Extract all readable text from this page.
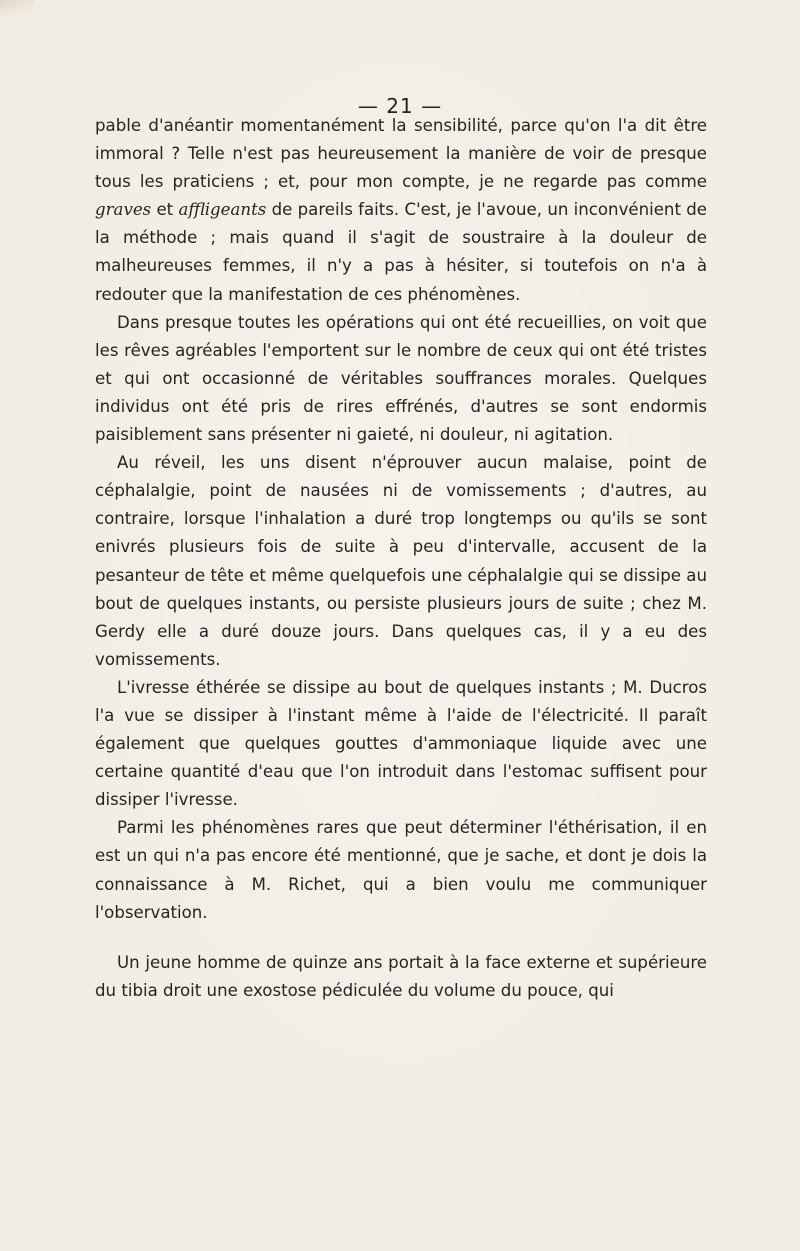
— 21 —

pable d'anéantir momentanément la sensibilité, parce qu'on l'a dit être immoral ? Telle n'est pas heureusement la manière de voir de presque tous les praticiens ; et, pour mon compte, je ne regarde pas comme graves et affligeants de pareils faits. C'est, je l'avoue, un inconvénient de la méthode ; mais quand il s'agit de soustraire à la douleur de malheureuses femmes, il n'y a pas à hésiter, si toutefois on n'a à redouter que la manifestation de ces phénomènes.

Dans presque toutes les opérations qui ont été recueillies, on voit que les rêves agréables l'emportent sur le nombre de ceux qui ont été tristes et qui ont occasionné de véritables souffrances morales. Quelques individus ont été pris de rires effrénés, d'autres se sont endormis paisiblement sans présenter ni gaieté, ni douleur, ni agitation.

Au réveil, les uns disent n'éprouver aucun malaise, point de céphalalgie, point de nausées ni de vomissements ; d'autres, au contraire, lorsque l'inhalation a duré trop longtemps ou qu'ils se sont enivrés plusieurs fois de suite à peu d'intervalle, accusent de la pesanteur de tête et même quelquefois une céphalalgie qui se dissipe au bout de quelques instants, ou persiste plusieurs jours de suite ; chez M. Gerdy elle a duré douze jours. Dans quelques cas, il y a eu des vomissements.

L'ivresse éthérée se dissipe au bout de quelques instants ; M. Ducros l'a vue se dissiper à l'instant même à l'aide de l'électricité. Il paraît également que quelques gouttes d'ammoniaque liquide avec une certaine quantité d'eau que l'on introduit dans l'estomac suffisent pour dissiper l'ivresse.

Parmi les phénomènes rares que peut déterminer l'éthérisation, il en est un qui n'a pas encore été mentionné, que je sache, et dont je dois la connaissance à M. Richet, qui a bien voulu me communiquer l'observation.

Un jeune homme de quinze ans portait à la face externe et supérieure du tibia droit une exostose pédiculée du volume du pouce, qui
